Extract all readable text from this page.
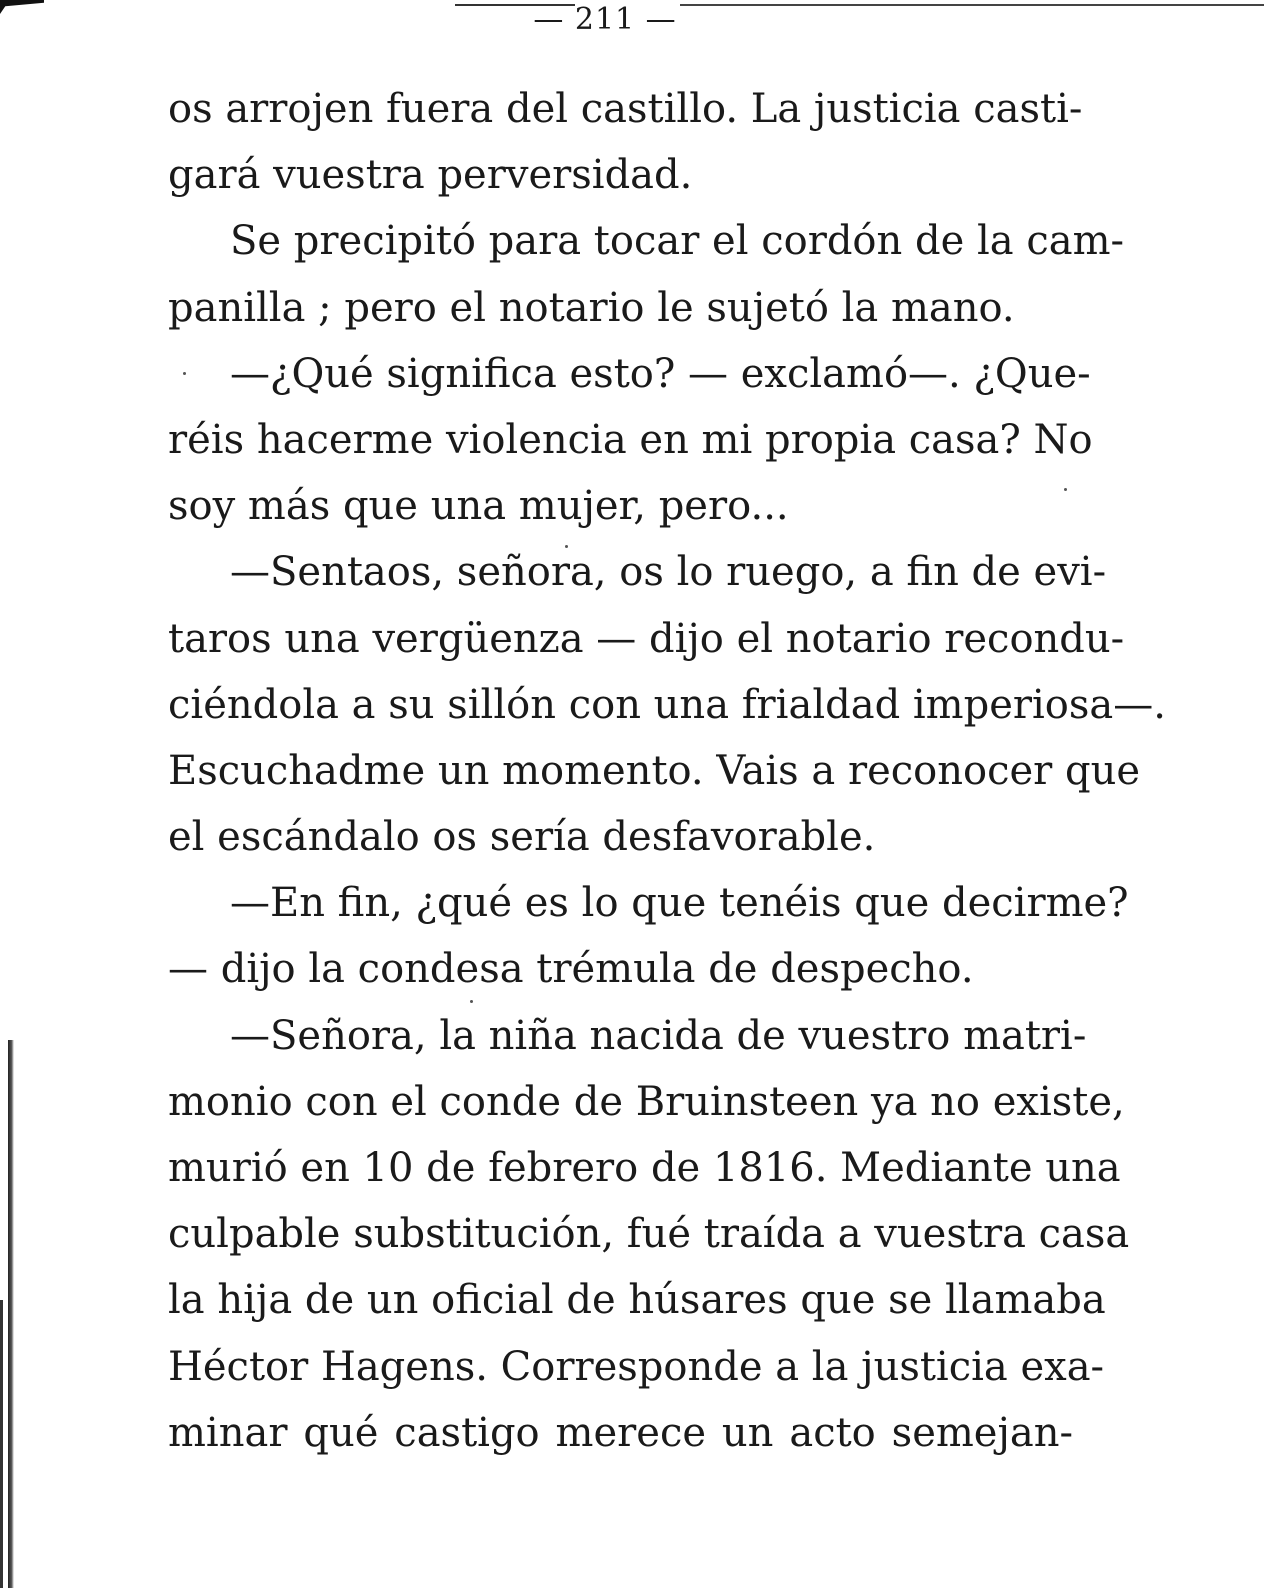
— 211 —
os arrojen fuera del castillo. La justicia casti-
gará vuestra perversidad.
Se precipitó para tocar el cordón de la cam-
panilla ; pero el notario le sujetó la mano.
—¿Qué significa esto? — exclamó—. ¿Que-
réis hacerme violencia en mi propia casa? No
soy más que una mujer, pero...
—Sentaos, señora, os lo ruego, a fin de evi-
taros una vergüenza — dijo el notario recondu-
ciéndola a su sillón con una frialdad imperiosa—.
Escuchadme un momento. Vais a reconocer que
el escándalo os sería desfavorable.
—En fin, ¿qué es lo que tenéis que decirme?
— dijo la condesa trémula de despecho.
—Señora, la niña nacida de vuestro matri-
monio con el conde de Bruinsteen ya no existe,
murió en 10 de febrero de 1816. Mediante una
culpable substitución, fué traída a vuestra casa
la hija de un oficial de húsares que se llamaba
Héctor Hagens. Corresponde a la justicia exa-
minar qué castigo merece un acto semejan-
